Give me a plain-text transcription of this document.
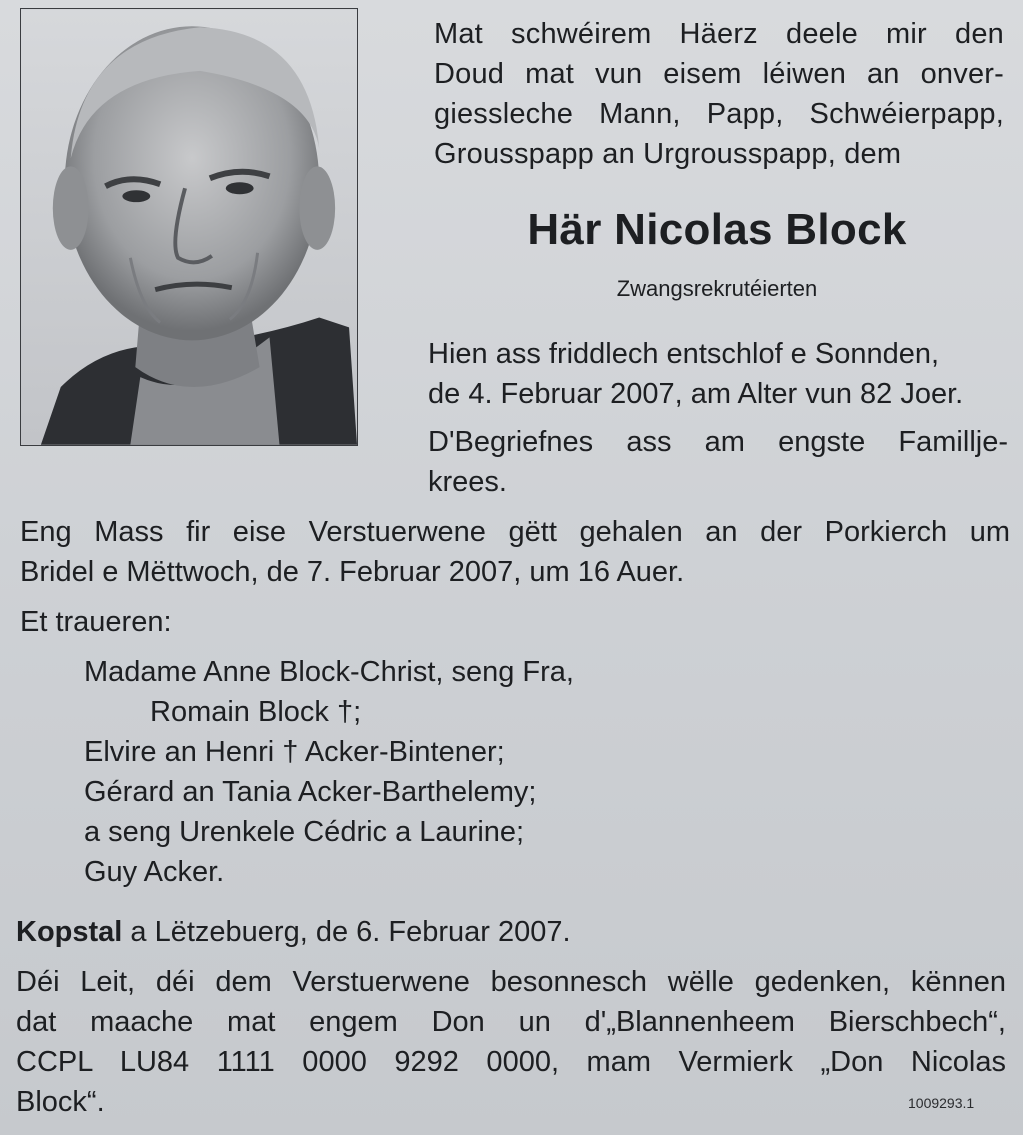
Mat schwéirem Häerz deele mir den
Doud mat vun eisem léiwen an onver-
giessleche Mann, Papp, Schwéierpapp,
Grousspapp an Urgrousspapp, dem
Här Nicolas Block
Zwangsrekrutéierten
Hien ass friddlech entschlof e Sonnden,
de 4. Februar 2007, am Alter vun 82 Joer.
D'Begriefnes ass am engste Famillje-
krees.
Eng Mass fir eise Verstuerwene gëtt gehalen an der Porkierch um
Bridel e Mëttwoch, de 7. Februar 2007, um 16 Auer.
Et traueren:
Madame Anne Block-Christ, seng Fra,
Romain Block †;
Elvire an Henri † Acker-Bintener;
Gérard an Tania Acker-Barthelemy;
a seng Urenkele Cédric a Laurine;
Guy Acker.
Kopstal a Lëtzebuerg, de 6. Februar 2007.
Déi Leit, déi dem Verstuerwene besonnesch wëlle gedenken, kënnen
dat maache mat engem Don un d'„Blannenheem Bierschbech“,
CCPL LU84 1111 0000 9292 0000, mam Vermierk „Don Nicolas
Block“.	1009293.1
